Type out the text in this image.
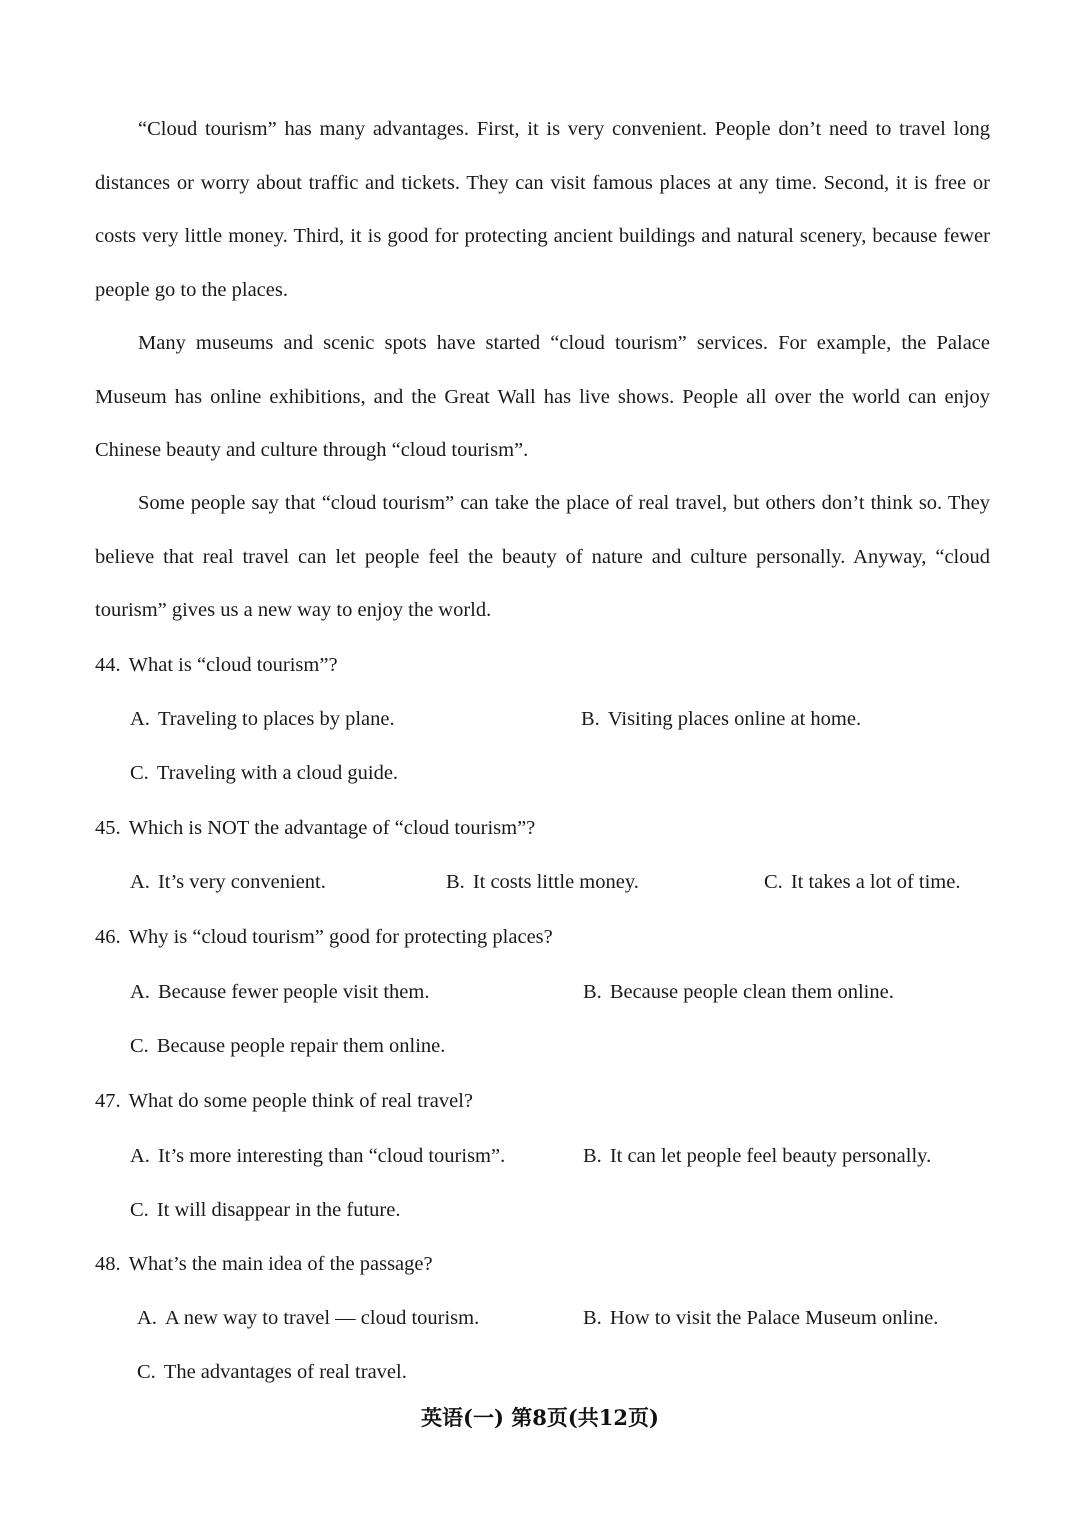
“Cloud tourism” has many advantages. First, it is very convenient. People don’t need to travel long distances or worry about traffic and tickets. They can visit famous places at any time. Second, it is free or costs very little money. Third, it is good for protecting ancient buildings and natural scenery, because fewer people go to the places.

Many museums and scenic spots have started “cloud tourism” services. For example, the Palace Museum has online exhibitions, and the Great Wall has live shows. People all over the world can enjoy Chinese beauty and culture through “cloud tourism”.

Some people say that “cloud tourism” can take the place of real travel, but others don’t think so. They believe that real travel can let people feel the beauty of nature and culture personally. Anyway, “cloud tourism” gives us a new way to enjoy the world.

44. What is “cloud tourism”?
A. Traveling to places by plane.	B. Visiting places online at home.
C. Traveling with a cloud guide.
45. Which is NOT the advantage of “cloud tourism”?
A. It’s very convenient.	B. It costs little money.	C. It takes a lot of time.
46. Why is “cloud tourism” good for protecting places?
A. Because fewer people visit them.	B. Because people clean them online.
C. Because people repair them online.
47. What do some people think of real travel?
A. It’s more interesting than “cloud tourism”.	B. It can let people feel beauty personally.
C. It will disappear in the future.
48. What’s the main idea of the passage?
A. A new way to travel — cloud tourism.	B. How to visit the Palace Museum online.
C. The advantages of real travel.
英语(一) 第8页(共12页)
